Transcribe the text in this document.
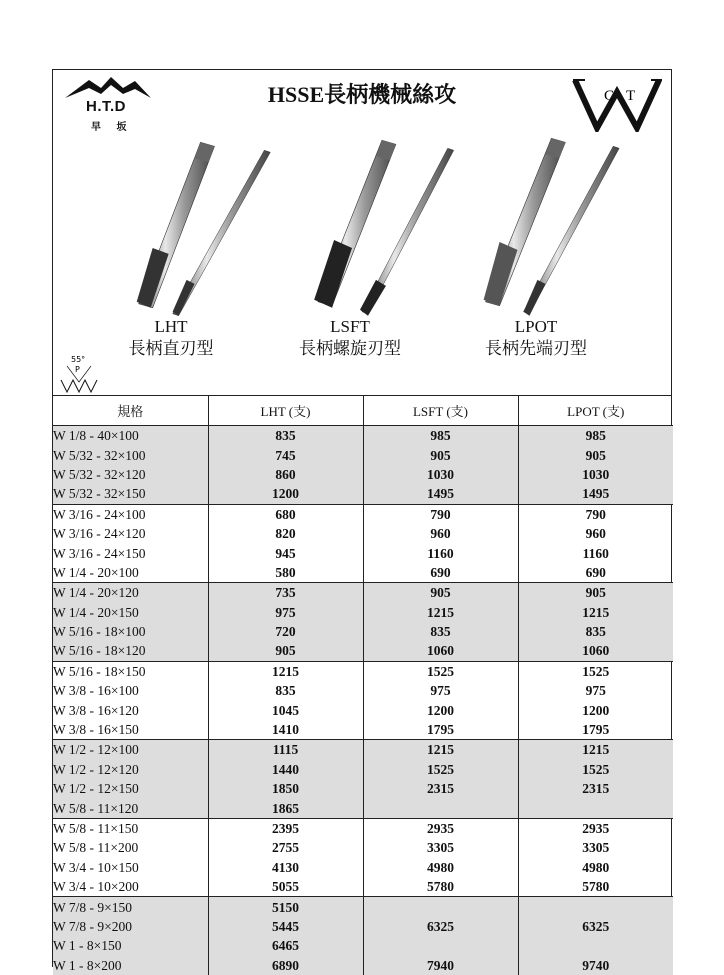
H.T.D
早 坂
HSSE長柄機械絲攻	C T
LHT
長柄直刃型
LSFT
長柄螺旋刃型
LPOT
長柄先端刃型
55°
P
規格	LHT (支)	LSFT (支)	LPOT (支)
W 1/8 - 40×100	835	985	985
W 5/32 - 32×100	745	905	905
W 5/32 - 32×120	860	1030	1030
W 5/32 - 32×150	1200	1495	1495
W 3/16 - 24×100	680	790	790
W 3/16 - 24×120	820	960	960
W 3/16 - 24×150	945	1160	1160
W 1/4 - 20×100	580	690	690
W 1/4 - 20×120	735	905	905
W 1/4 - 20×150	975	1215	1215
W 5/16 - 18×100	720	835	835
W 5/16 - 18×120	905	1060	1060
W 5/16 - 18×150	1215	1525	1525
W 3/8 - 16×100	835	975	975
W 3/8 - 16×120	1045	1200	1200
W 3/8 - 16×150	1410	1795	1795
W 1/2 - 12×100	1115	1215	1215
W 1/2 - 12×120	1440	1525	1525
W 1/2 - 12×150	1850	2315	2315
W 5/8 - 11×120	1865		
W 5/8 - 11×150	2395	2935	2935
W 5/8 - 11×200	2755	3305	3305
W 3/4 - 10×150	4130	4980	4980
W 3/4 - 10×200	5055	5780	5780
W 7/8 - 9×150	5150		
W 7/8 - 9×200	5445	6325	6325
W 1 - 8×150	6465		
W 1 - 8×200	6890	7940	9740
